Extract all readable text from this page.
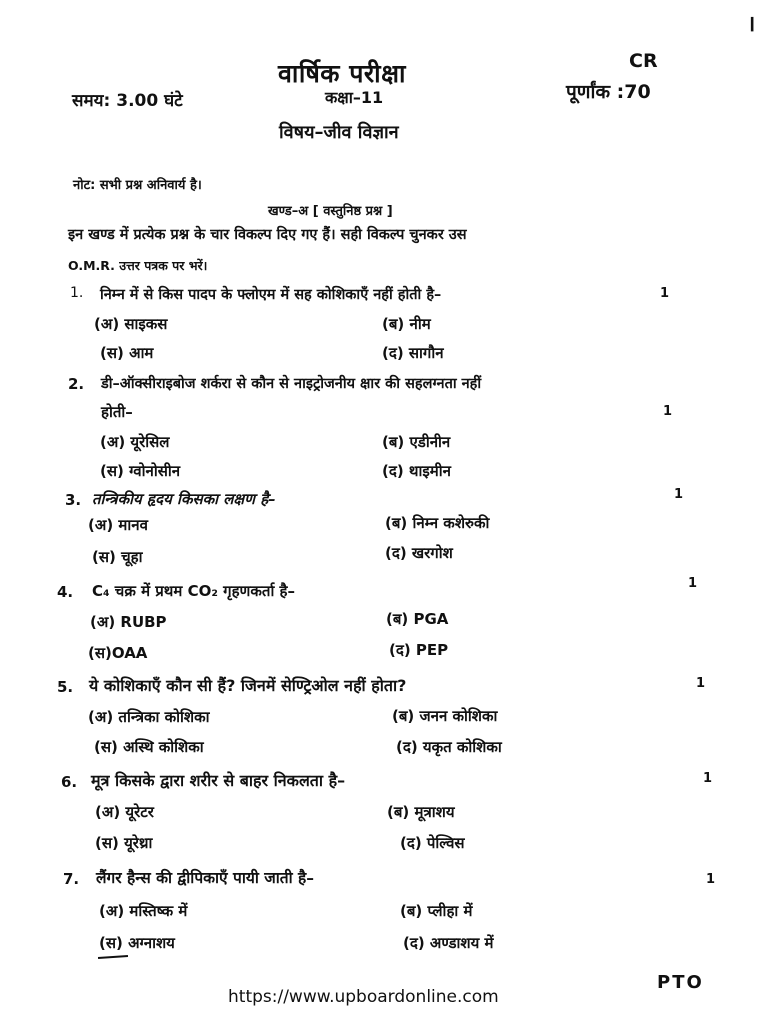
।
वार्षिक परीक्षा	CR
समय: 3.00 घंटे	कक्षा–11	पूर्णांक :70
विषय–जीव विज्ञान
नोट: सभी प्रश्न अनिवार्य है।
खण्ड–अ [ वस्तुनिष्ठ प्रश्न ]
इन खण्ड में प्रत्येक प्रश्न के चार विकल्प दिए गए हैं। सही विकल्प चुनकर उस
O.M.R. उत्तर पत्रक पर भरें।
1. निम्न में से किस पादप के फ्लोएम में सह कोशिकाएँ नहीं होती है–	1
(अ) साइकस	(ब) नीम
(स) आम	(द) सागौन
2. डी–ऑक्सीराइबोज शर्करा से कौन से नाइट्रोजनीय क्षार की सहलग्नता नहीं
होती–	1
(अ) यूरेसिल	(ब) एडीनीन
(स) ग्वोनोसीन	(द) थाइमीन
3. तन्त्रिकीय हृदय किसका लक्षण है–	1
(अ) मानव	(ब) निम्न कशेरुकी
(स) चूहा	(द) खरगोश
4. C₄ चक्र में प्रथम CO₂ गृहणकर्ता है–	1
(अ) RUBP	(ब) PGA
(स)OAA	(द) PEP
5. ये कोशिकाएँ कौन सी हैं? जिनमें सेण्ट्रिओल नहीं होता?	1
(अ) तन्त्रिका कोशिका	(ब) जनन कोशिका
(स) अस्थि कोशिका	(द) यकृत कोशिका
6. मूत्र किसके द्वारा शरीर से बाहर निकलता है–	1
(अ) यूरेटर	(ब) मूत्राशय
(स) यूरेथ्रा	(द) पेल्विस
7. लैंगर हैन्स की द्वीपिकाएँ पायी जाती है–	1
(अ) मस्तिष्क में	(ब) प्लीहा में
(स) अग्नाशय	(द) अण्डाशय में
PTO
https://www.upboardonline.com
